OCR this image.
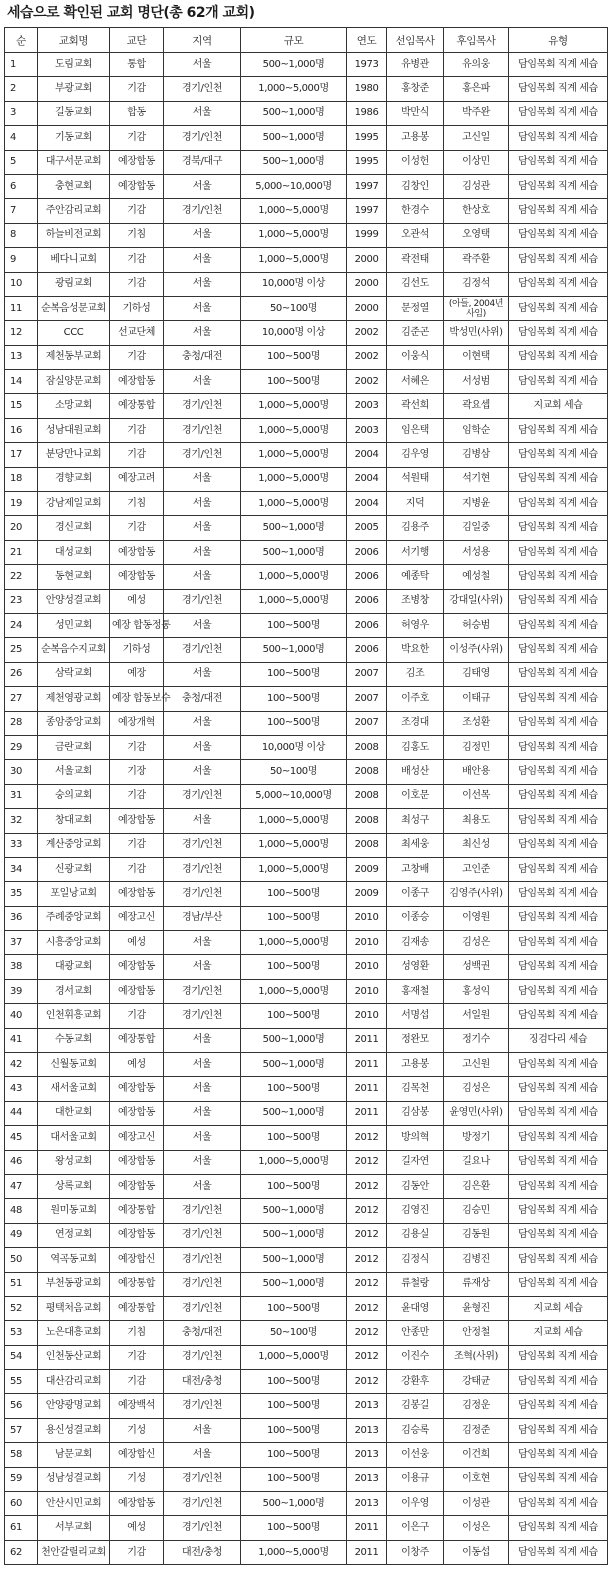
세습으로 확인된 교회 명단(총 62개 교회)
순	교회명	교단	지역	규모	연도	선임목사	후임목사	유형
1	도림교회	통합	서울	500~1,000명	1973	유병관	유의웅	담임목회 직계 세습
2	부광교회	기감	경기/인천	1,000~5,000명	1980	홍창준	홍은파	담임목회 직계 세습
3	길동교회	합동	서울	500~1,000명	1986	박만식	박주완	담임목회 직계 세습
4	기동교회	기감	경기/인천	500~1,000명	1995	고용봉	고신일	담임목회 직계 세습
5	대구서문교회	예장합동	경북/대구	500~1,000명	1995	이성헌	이상민	담임목회 직계 세습
6	충현교회	예장합동	서울	5,000~10,000명	1997	김창인	김성관	담임목회 직계 세습
7	주안감리교회	기감	경기/인천	1,000~5,000명	1997	한경수	한상호	담임목회 직계 세습
8	하늘비전교회	기침	서울	1,000~5,000명	1999	오관석	오영택	담임목회 직계 세습
9	베다니교회	기감	서울	1,000~5,000명	2000	곽전태	곽주환	담임목회 직계 세습
10	광림교회	기감	서울	10,000명 이상	2000	김선도	김정석	담임목회 직계 세습
11	순복음성문교회	기하성	서울	50~100명	2000	문정열	(아들, 2004년사임)	담임목회 직계 세습
12	CCC	선교단체	서울	10,000명 이상	2002	김준곤	박성민(사위)	담임목회 직계 세습
13	제천동부교회	기감	충청/대전	100~500명	2002	이웅식	이현택	담임목회 직계 세습
14	잠실양문교회	예장합동	서울	100~500명	2002	서혜은	서성범	담임목회 직계 세습
15	소망교회	예장통합	경기/인천	1,000~5,000명	2003	곽선희	곽요셉	지교회 세습
16	성남대원교회	기감	경기/인천	1,000~5,000명	2003	임은택	임학순	담임목회 직계 세습
17	분당만나교회	기감	경기/인천	1,000~5,000명	2004	김우영	김병삼	담임목회 직계 세습
18	경향교회	예장고려	서울	1,000~5,000명	2004	석원태	석기현	담임목회 직계 세습
19	강남제일교회	기침	서울	1,000~5,000명	2004	지덕	지병윤	담임목회 직계 세습
20	경신교회	기감	서울	500~1,000명	2005	김용주	김일중	담임목회 직계 세습
21	대성교회	예장합동	서울	500~1,000명	2006	서기행	서성용	담임목회 직계 세습
22	동현교회	예장합동	서울	1,000~5,000명	2006	예종탁	예성철	담임목회 직계 세습
23	안양성결교회	예성	경기/인천	1,000~5,000명	2006	조병창	강대일(사위)	담임목회 직계 세습
24	성민교회	예장 합동정통	서울	100~500명	2006	허영우	허승범	담임목회 직계 세습
25	순복음수지교회	기하성	경기/인천	500~1,000명	2006	박요한	이성주(사위)	담임목회 직계 세습
26	삼락교회	예장	서울	100~500명	2007	김조	김태영	담임목회 직계 세습
27	제천영광교회	예장 합동보수	충청/대전	100~500명	2007	이주호	이태규	담임목회 직계 세습
28	종암중앙교회	예장개혁	서울	100~500명	2007	조경대	조성환	담임목회 직계 세습
29	금란교회	기감	서울	10,000명 이상	2008	김홍도	김정민	담임목회 직계 세습
30	서울교회	기장	서울	50~100명	2008	배성산	배안용	담임목회 직계 세습
31	숭의교회	기감	경기/인천	5,000~10,000명	2008	이호문	이선목	담임목회 직계 세습
32	창대교회	예장합동	서울	1,000~5,000명	2008	최성구	최용도	담임목회 직계 세습
33	계산중앙교회	기감	경기/인천	1,000~5,000명	2008	최세웅	최신성	담임목회 직계 세습
34	신광교회	기감	경기/인천	1,000~5,000명	2009	고창배	고인준	담임목회 직계 세습
35	포일낭교회	예장합동	경기/인천	100~500명	2009	이종구	김영주(사위)	담임목회 직계 세습
36	주례중앙교회	예장고신	경남/부산	100~500명	2010	이종승	이영원	담임목회 직계 세습
37	시흥중앙교회	예성	서울	1,000~5,000명	2010	김재송	김성은	담임목회 직계 세습
38	대광교회	예장합동	서울	100~500명	2010	성영환	성백권	담임목회 직계 세습
39	경서교회	예장합동	경기/인천	1,000~5,000명	2010	홍재철	홍성익	담임목회 직계 세습
40	인천휘흥교회	기감	경기/인천	100~500명	2010	서명섭	서일원	담임목회 직계 세습
41	수동교회	예장통합	서울	500~1,000명	2011	정완모	정기수	징검다리 세습
42	신월동교회	예성	서울	500~1,000명	2011	고용봉	고신원	담임목회 직계 세습
43	새서울교회	예장합동	서울	100~500명	2011	김목천	김성은	담임목회 직계 세습
44	대한교회	예장합동	서울	500~1,000명	2011	김삼봉	윤영민(사위)	담임목회 직계 세습
45	대서울교회	예장고신	서울	100~500명	2012	방의혁	방정기	담임목회 직계 세습
46	왕성교회	예장합동	서울	1,000~5,000명	2012	길자연	길요나	담임목회 직계 세습
47	상록교회	예장합동	서울	100~500명	2012	김동안	김은환	담임목회 직계 세습
48	원미동교회	예장통합	경기/인천	500~1,000명	2012	김영진	김승민	담임목회 직계 세습
49	연정교회	예장합동	경기/인천	500~1,000명	2012	김용실	김동원	담임목회 직계 세습
50	역곡동교회	예장합신	경기/인천	500~1,000명	2012	김정식	김병진	담임목회 직계 세습
51	부천동광교회	예장통합	경기/인천	500~1,000명	2012	류철랑	류재상	담임목회 직계 세습
52	평택처음교회	예장통합	경기/인천	100~500명	2012	윤대영	윤형진	지교회 세습
53	노은대흥교회	기침	충청/대전	50~100명	2012	안종만	안정철	지교회 세습
54	인천동산교회	기감	경기/인천	1,000~5,000명	2012	이진수	조혁(사위)	담임목회 직계 세습
55	대산감리교회	기감	대전/충청	100~500명	2012	강환후	강태균	담임목회 직계 세습
56	안양광명교회	예장백석	경기/인천	100~500명	2013	김봉길	김정운	담임목회 직계 세습
57	용신성결교회	기성	서울	100~500명	2013	김승록	김정준	담임목회 직계 세습
58	남문교회	예장합신	서울	100~500명	2013	이선웅	이건희	담임목회 직계 세습
59	성남성결교회	기성	경기/인천	100~500명	2013	이용규	이호현	담임목회 직계 세습
60	안산시민교회	예장합동	경기/인천	500~1,000명	2013	이우영	이성관	담임목회 직계 세습
61	서부교회	예성	경기/인천	100~500명	2011	이은구	이성은	담임목회 직계 세습
62	천안갈릴리교회	기감	대전/충청	1,000~5,000명	2011	이창주	이동섭	담임목회 직계 세습
